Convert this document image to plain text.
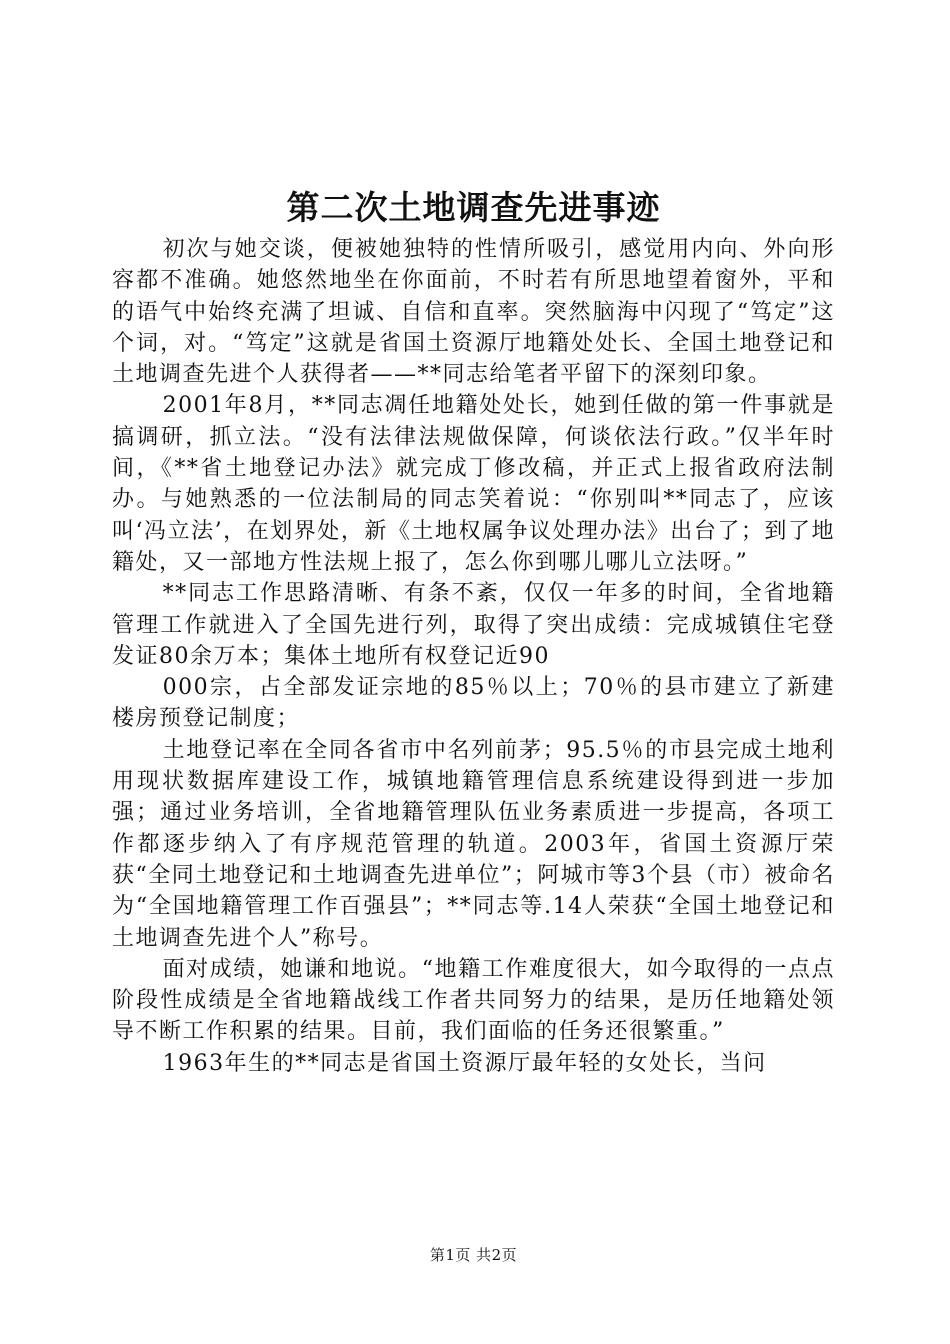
第二次土地调查先进事迹

初次与她交谈，便被她独特的性情所吸引，感觉用内向、外向形容都不准确。她悠然地坐在你面前，不时若有所思地望着窗外，平和的语气中始终充满了坦诚、自信和直率。突然脑海中闪现了“笃定”这个词，对。“笃定”这就是省国土资源厅地籍处处长、全国土地登记和土地调查先进个人获得者——**同志给笔者平留下的深刻印象。

2001年8月，**同志凋任地籍处处长，她到任做的第一件事就是搞调研，抓立法。“没有法律法规做保障，何谈依法行政。”仅半年时间，《**省土地登记办法》就完成丁修改稿，并正式上报省政府法制办。与她熟悉的一位法制局的同志笑着说：“你别叫**同志了，应该叫‘冯立法’，在划界处，新《土地权属争议处理办法》出台了；到了地籍处，又一部地方性法规上报了，怎么你到哪儿哪儿立法呀。”

**同志工作思路清晰、有条不紊，仅仅一年多的时间，全省地籍管理工作就进入了全国先进行列，取得了突出成绩：完成城镇住宅登发证80余万本；集体土地所有权登记近90

000宗，占全部发证宗地的85％以上；70％的县市建立了新建楼房预登记制度；

土地登记率在全同各省市中名列前茅；95.5％的市县完成土地利用现状数据库建设工作，城镇地籍管理信息系统建设得到进一步加强；通过业务培训，全省地籍管理队伍业务素质进一步提高，各项工作都逐步纳入了有序规范管理的轨道。2003年，省国土资源厅荣获“全同土地登记和土地调查先进单位”；阿城市等3个县（市）被命名为“全国地籍管理工作百强县”；**同志等.14人荣获“全国土地登记和土地调查先进个人”称号。

面对成绩，她谦和地说。“地籍工作难度很大，如今取得的一点点阶段性成绩是全省地籍战线工作者共同努力的结果，是历任地籍处领导不断工作积累的结果。目前，我们面临的任务还很繁重。”

1963年生的**同志是省国土资源厅最年轻的女处长，当问

第1页 共2页
